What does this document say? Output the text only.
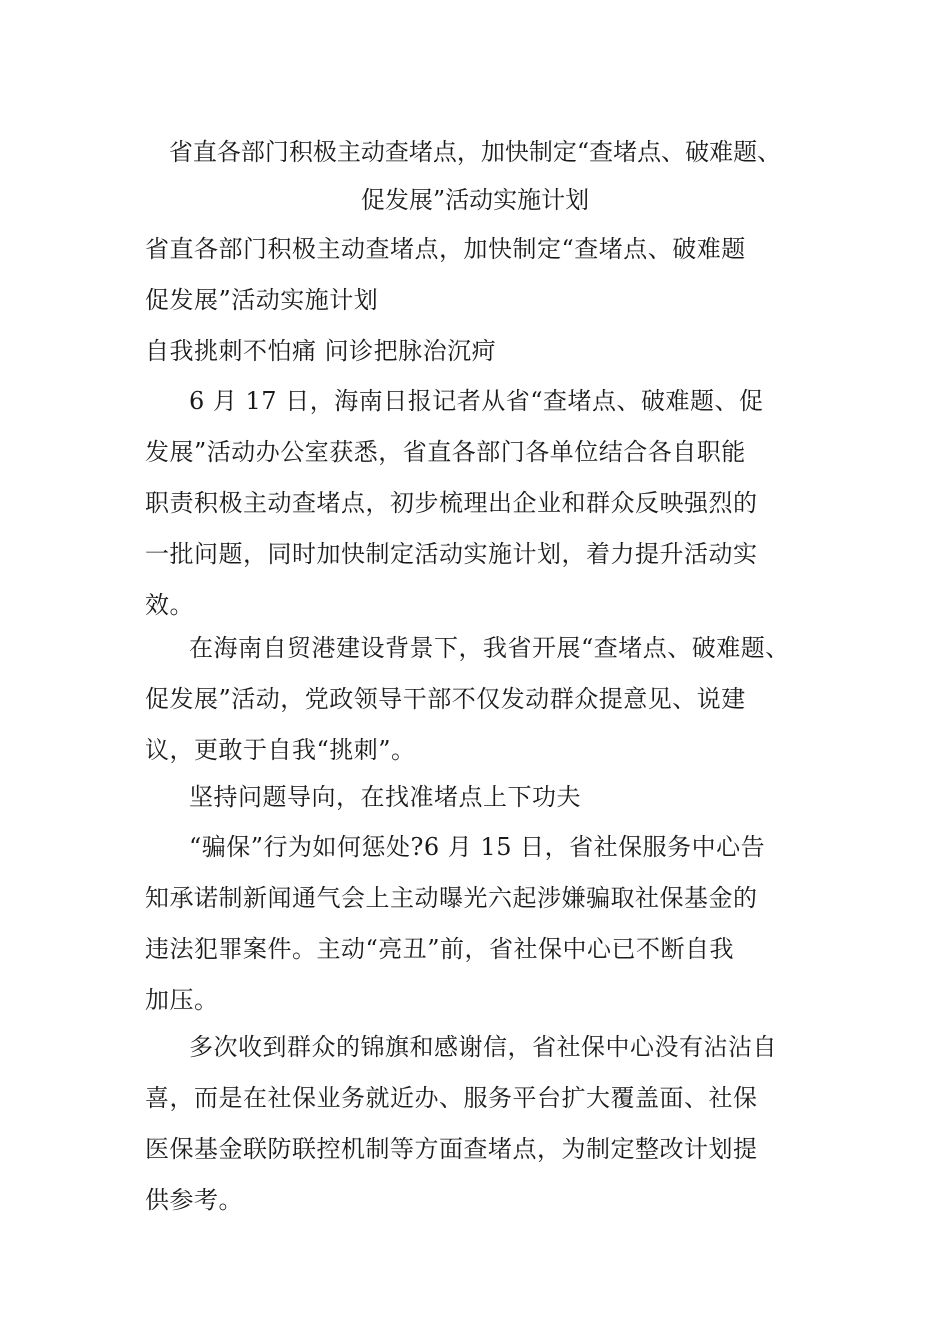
省直各部门积极主动查堵点，加快制定“查堵点、破难题、
促发展”活动实施计划
省直各部门积极主动查堵点，加快制定“查堵点、破难题
促发展”活动实施计划
自我挑刺不怕痛 问诊把脉治沉疴
6 月 17 日，海南日报记者从省“查堵点、破难题、促
发展”活动办公室获悉，省直各部门各单位结合各自职能
职责积极主动查堵点，初步梳理出企业和群众反映强烈的
一批问题，同时加快制定活动实施计划，着力提升活动实
效。
在海南自贸港建设背景下，我省开展“查堵点、破难题、
促发展”活动，党政领导干部不仅发动群众提意见、说建
议，更敢于自我“挑刺”。
坚持问题导向，在找准堵点上下功夫
“骗保”行为如何惩处?6 月 15 日，省社保服务中心告
知承诺制新闻通气会上主动曝光六起涉嫌骗取社保基金的
违法犯罪案件。主动“亮丑”前，省社保中心已不断自我
加压。
多次收到群众的锦旗和感谢信，省社保中心没有沾沾自
喜，而是在社保业务就近办、服务平台扩大覆盖面、社保
医保基金联防联控机制等方面查堵点，为制定整改计划提
供参考。
